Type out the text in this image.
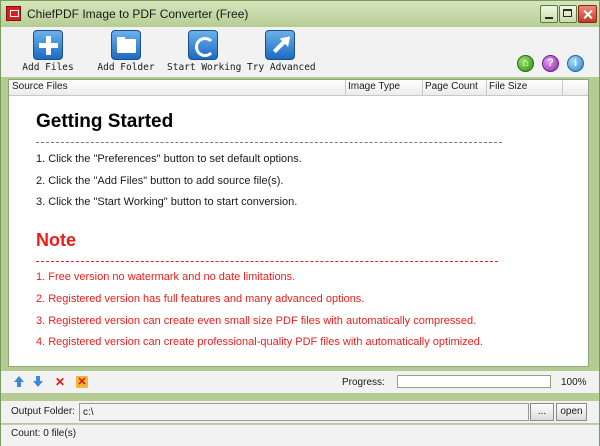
ChiefPDF Image to PDF Converter (Free)
Add Files	Add Folder Start Working Try Advanced	⌂	?	i
Source Files	Image Type Page Count File Size
Getting Started
1. Click the "Preferences" button to set default options.
2. Click the "Add Files" button to add source file(s).
3. Click the "Start Working" button to start conversion.
Note
1. Free version no watermark and no date limitations.
2. Registered version has full features and many advanced options.
3. Registered version can create even small size PDF files with automatically compressed.
4. Registered version can create professional-quality PDF files with automatically optimized.
✕ ✕	Progress:	100%
Output Folder: c:\	...	open
Count: 0 file(s)
